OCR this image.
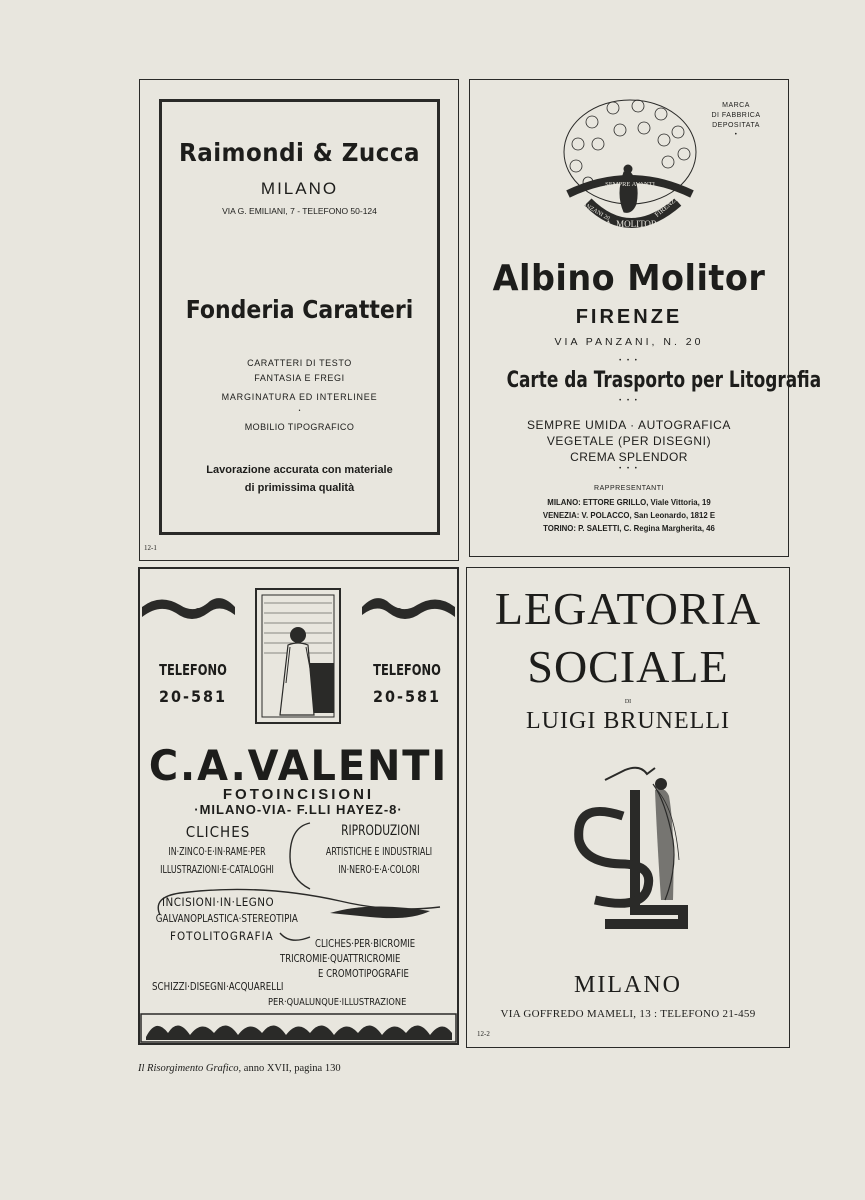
Raimondi & Zucca
MILANO
VIA G. EMILIANI, 7 - TELEFONO 50-124
Fonderia Caratteri
CARATTERI DI TESTO
FANTASIA E FREGI
MARGINATURA ED INTERLINEE
•
MOBILIO TIPOGRAFICO
Lavorazione accurata con materiale
di primissima qualità
12-1
MARCA
DI FABBRICA
DEPOSITATA
•
SEMPRE AVANTI
PANZANI 20	FIRENZE
A. MOLITOR
Albino Molitor
FIRENZE
VIA PANZANI, N. 20
• • •
Carte da Trasporto per Litografia
• • •
SEMPRE UMIDA · AUTOGRAFICA
VEGETALE (PER DISEGNI)
CREMA SPLENDOR
• • •
RAPPRESENTANTI
MILANO: ETTORE GRILLO, Viale Vittoria, 19
VENEZIA: V. POLACCO, San Leonardo, 1812 E
TORINO: P. SALETTI, C. Regina Margherita, 46
TELEFONO
20-581
TELEFONO
20-581
C.A.VALENTI
FOTOINCISIONI
·MILANO-VIA- F.LLI HAYEZ-8·
CLICHES
IN·ZINCO·E·IN·RAME·PER
ILLUSTRAZIONI·E·CATALOGHI
RIPRODUZIONI
ARTISTICHE E INDUSTRIALI
IN·NERO·E·A·COLORI
INCISIONI·IN·LEGNO
GALVANOPLASTICA·STEREOTIPIA
FOTOLITOGRAFIA
CLICHES·PER·BICROMIE
TRICROMIE·QUATTRICROMIE
E CROMOTIPOGRAFIE
SCHIZZI·DISEGNI·ACQUARELLI
PER·QUALUNQUE·ILLUSTRAZIONE
LEGATORIA
SOCIALE
DI
LUIGI BRUNELLI
MILANO
VIA GOFFREDO MAMELI, 13 : TELEFONO 21-459
12-2
Il Risorgimento Grafico, anno XVII, pagina 130
